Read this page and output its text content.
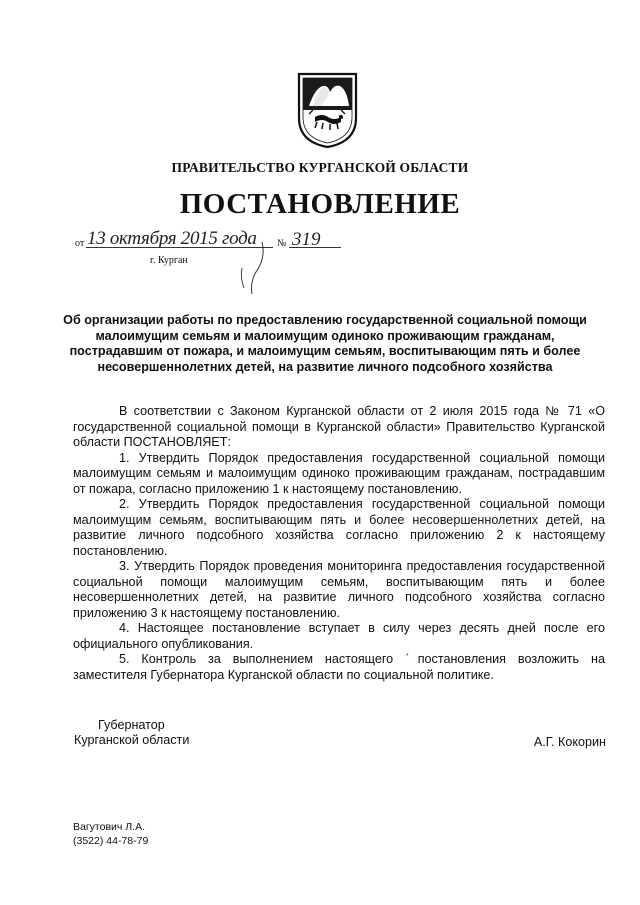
ПРАВИТЕЛЬСТВО КУРГАНСКОЙ ОБЛАСТИ
ПОСТАНОВЛЕНИЕ
от 13 октября 2015 года № 319
г. Курган
Об организации работы по предоставлению государственной социальной помощи малоимущим семьям и малоимущим одиноко проживающим гражданам, пострадавшим от пожара, и малоимущим семьям, воспитывающим пять и более несовершеннолетних детей, на развитие личного подсобного хозяйства

В соответствии с Законом Курганской области от 2 июля 2015 года № 71 «О государственной социальной помощи в Курганской области» Правительство Курганской области ПОСТАНОВЛЯЕТ:

1. Утвердить Порядок предоставления государственной социальной помощи малоимущим семьям и малоимущим одиноко проживающим гражданам, пострадавшим от пожара, согласно приложению 1 к настоящему постановлению.

2. Утвердить Порядок предоставления государственной социальной помощи малоимущим семьям, воспитывающим пять и более несовершеннолетних детей, на развитие личного подсобного хозяйства согласно приложению 2 к настоящему постановлению.

3. Утвердить Порядок проведения мониторинга предоставления государственной социальной помощи малоимущим семьям, воспитывающим пять и более несовершеннолетних детей, на развитие личного подсобного хозяйства согласно приложению 3 к настоящему постановлению.

4. Настоящее постановление вступает в силу через десять дней после его официального опубликования.

5. Контроль за выполнением настоящего ˊпостановления возложить на заместителя Губернатора Курганской области по социальной политике.

Губернатор
Курганской области	А.Г. Кокорин
Вагутович Л.А.
(3522) 44-78-79
